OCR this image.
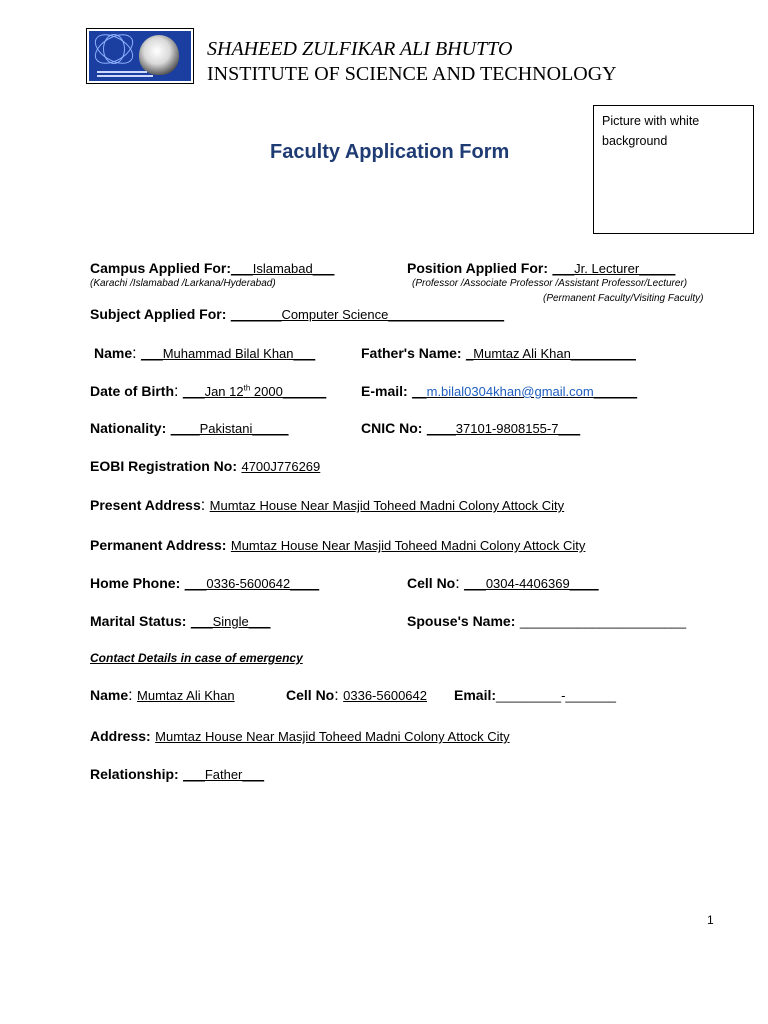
SHAHEED ZULFIKAR ALI BHUTTO
INSTITUTE OF SCIENCE AND TECHNOLOGY
Picture with white background
Faculty Application Form
Campus Applied For:___Islamabad___
(Karachi /Islamabad /Larkana/Hyderabad)
Position Applied For: ___Jr. Lecturer_____
(Professor /Associate Professor /Assistant Professor/Lecturer)
(Permanent Faculty/Visiting Faculty)
Subject Applied For: _______Computer Science________________
Name: ___Muhammad Bilal Khan___	Father's Name: _Mumtaz Ali Khan_________
Date of Birth: ___Jan 12th 2000______ E-mail: __m.bilal0304khan@gmail.com______
Nationality: ____Pakistani_____	CNIC No: ____37101-9808155-7___
EOBI Registration No: 4700J776269
Present Address: Mumtaz House Near Masjid Toheed Madni Colony Attock City
Permanent Address: Mumtaz House Near Masjid Toheed Madni Colony Attock City
Home Phone: ___0336-5600642____	Cell No: ___0304-4406369____
Marital Status: ___Single___	Spouse's Name: _______________________
Contact Details in case of emergency
Name: Mumtaz Ali Khan	Cell No: 0336-5600642 Email:_________-_______
Address: Mumtaz House Near Masjid Toheed Madni Colony Attock City
Relationship: ___Father___
1
